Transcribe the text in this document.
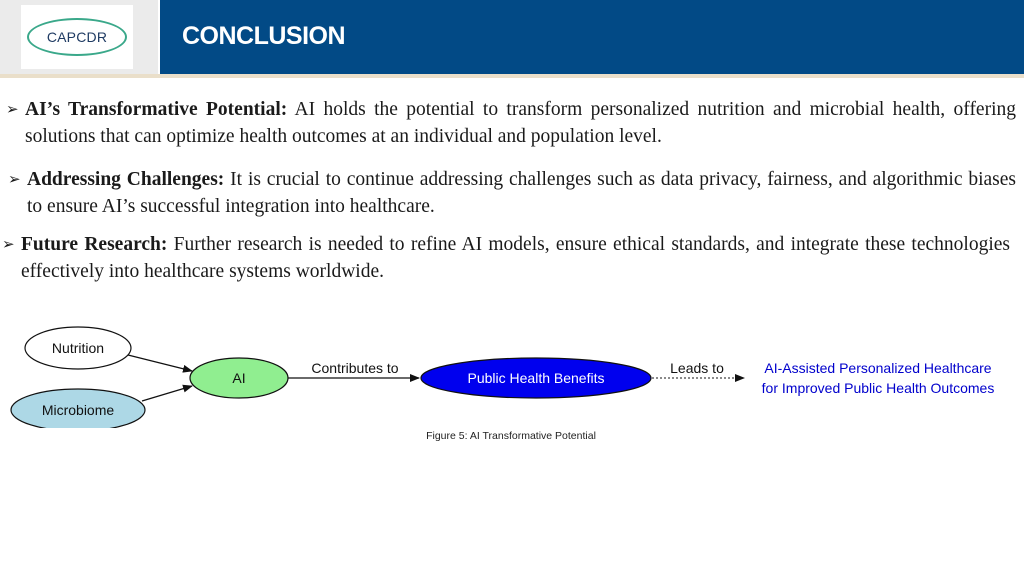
CAPCDR	CONCLUSION
➢ AI’s Transformative Potential: AI holds the potential to transform personalized nutrition and microbial health, offering solutions that can optimize health outcomes at an individual and population level.
➢ Addressing Challenges: It is crucial to continue addressing challenges such as data privacy, fairness, and algorithmic biases to ensure AI’s successful integration into healthcare.
➢ Future Research: Further research is needed to refine AI models, ensure ethical standards, and integrate these technologies effectively into healthcare systems worldwide.
Nutrition
Microbiome
AI	Public Health Benefits
Contributes to	Leads to	AI-Assisted Personalized Healthcare
for Improved Public Health Outcomes
Figure 5: AI Transformative Potential
